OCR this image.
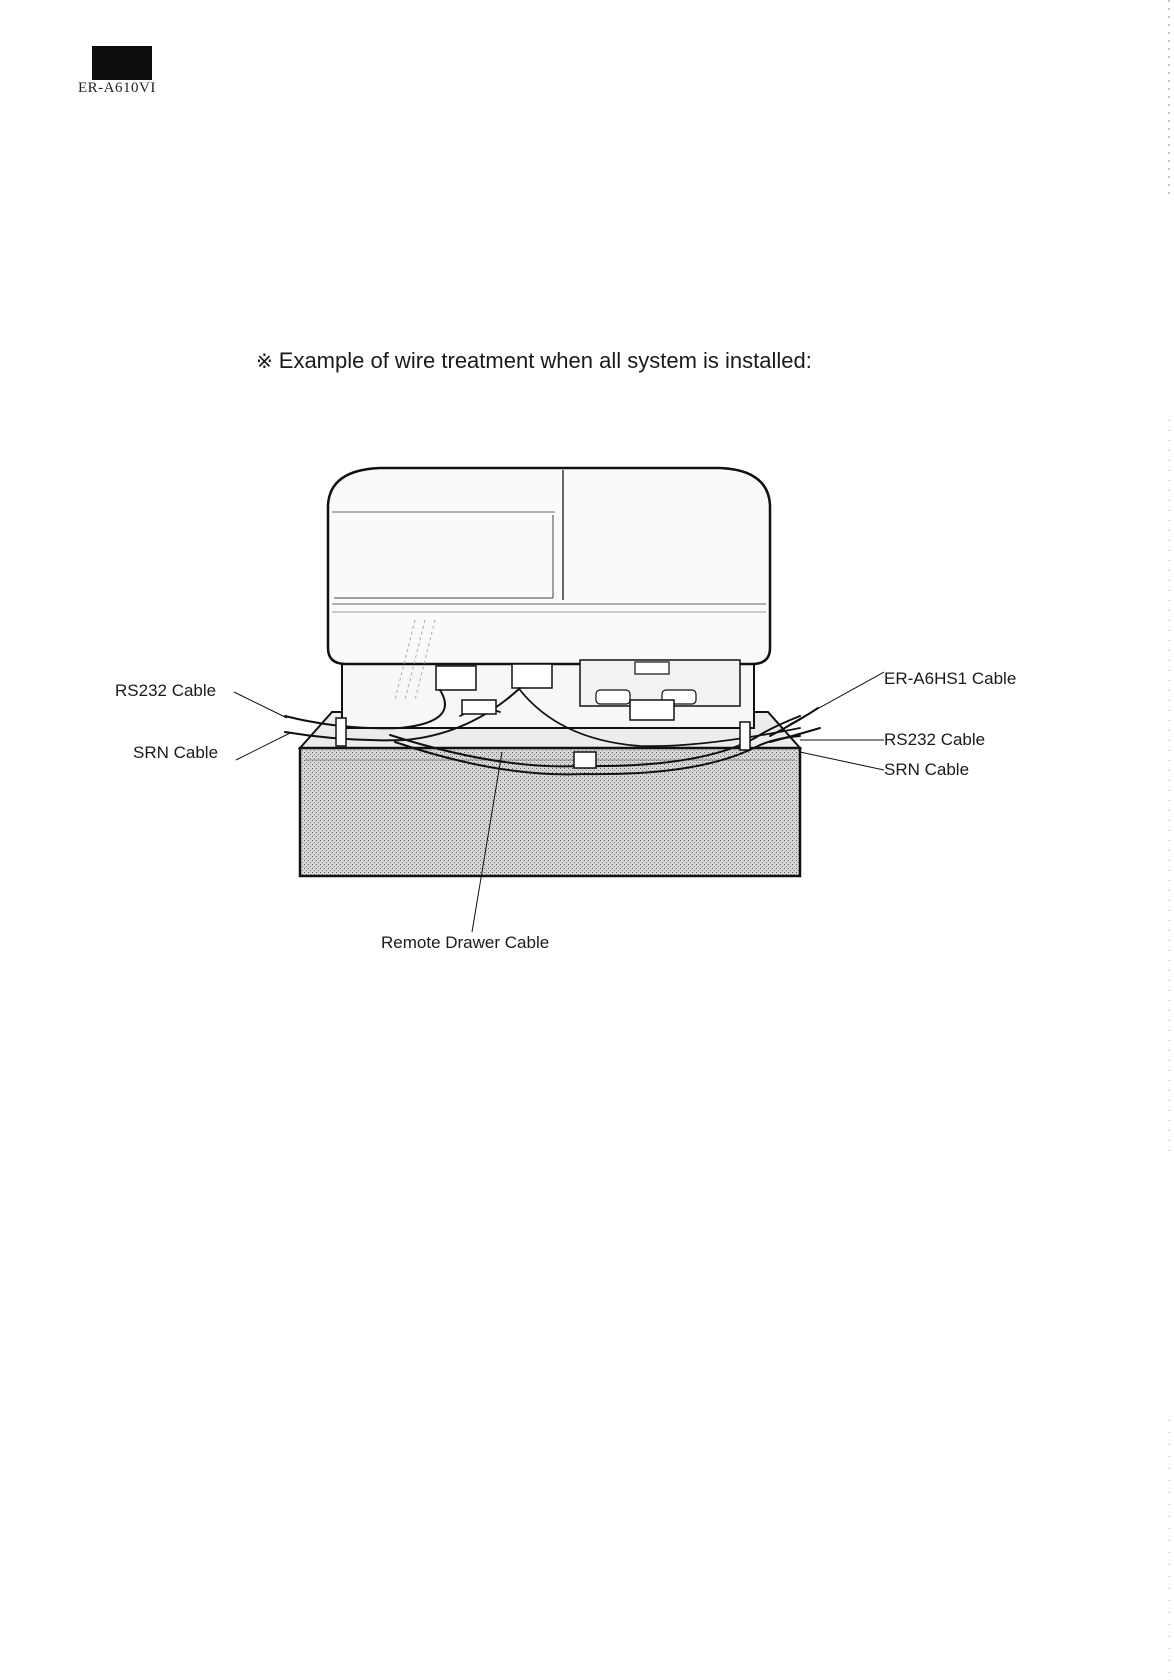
ER-A610VI
※ Example of wire treatment when all system is installed:
RS232 Cable
SRN Cable
ER-A6HS1 Cable
RS232 Cable
SRN Cable
Remote Drawer Cable
